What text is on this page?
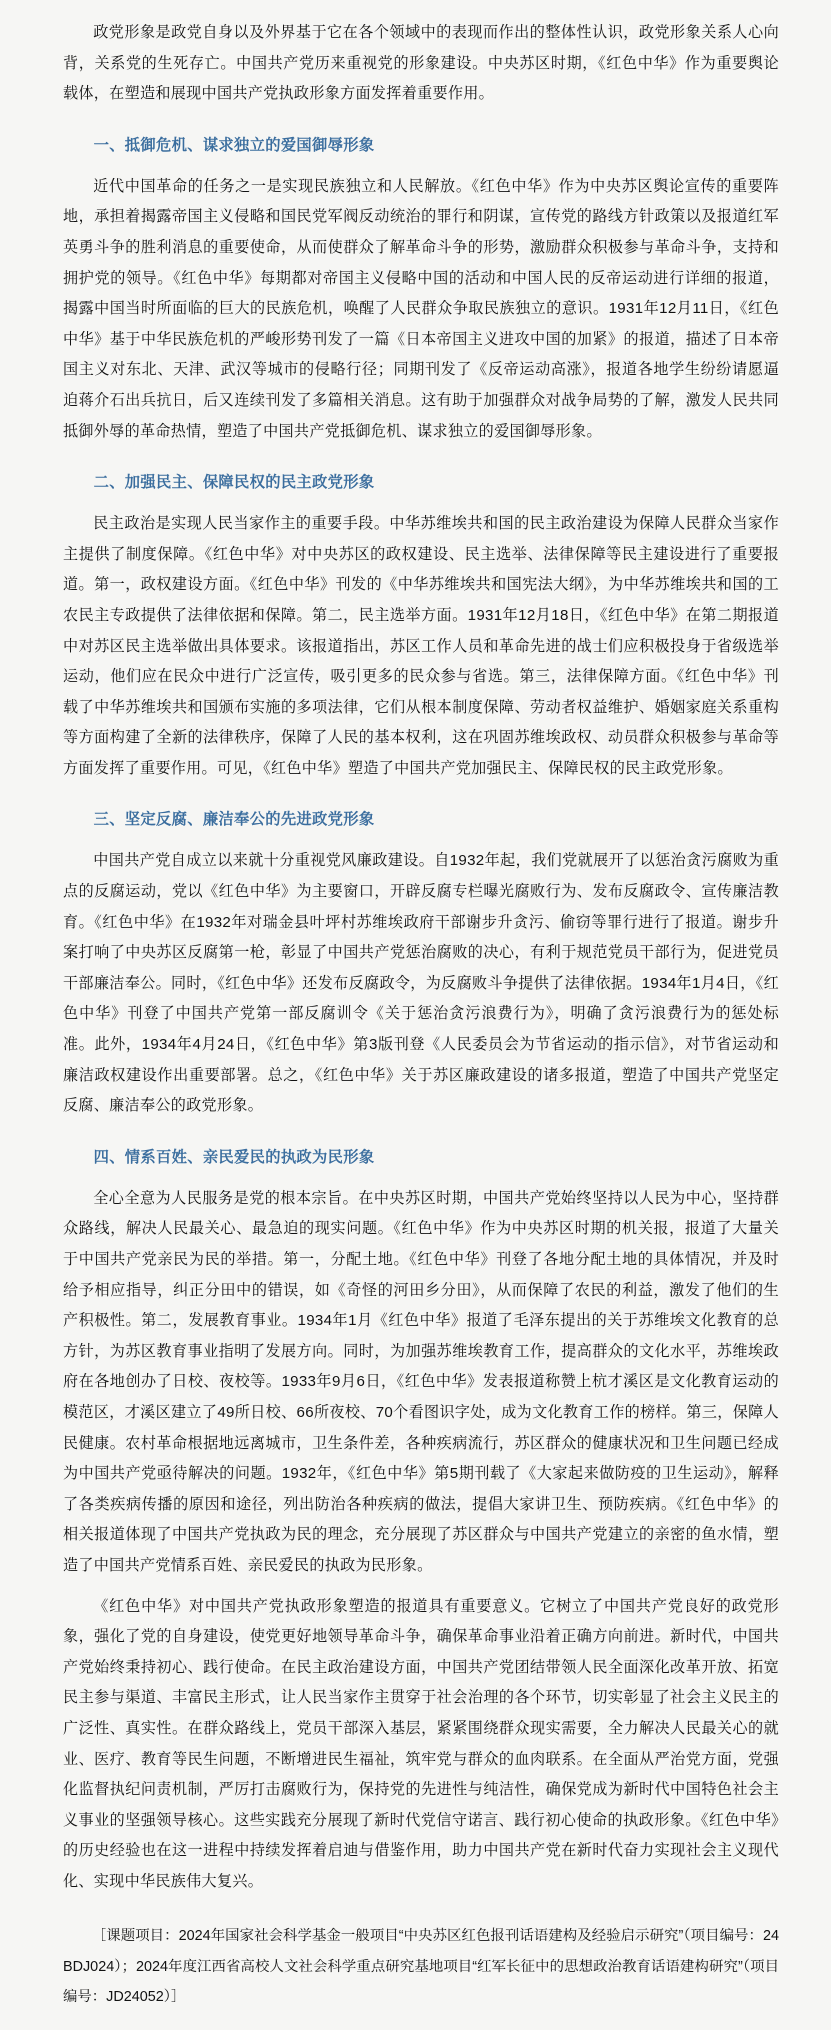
政党形象是政党自身以及外界基于它在各个领域中的表现而作出的整体性认识，政党形象关系人心向背，关系党的生死存亡。中国共产党历来重视党的形象建设。中央苏区时期，《红色中华》作为重要舆论载体，在塑造和展现中国共产党执政形象方面发挥着重要作用。

一、抵御危机、谋求独立的爱国御辱形象

近代中国革命的任务之一是实现民族独立和人民解放。《红色中华》作为中央苏区舆论宣传的重要阵地，承担着揭露帝国主义侵略和国民党军阀反动统治的罪行和阴谋，宣传党的路线方针政策以及报道红军英勇斗争的胜利消息的重要使命，从而使群众了解革命斗争的形势，激励群众积极参与革命斗争，支持和拥护党的领导。《红色中华》每期都对帝国主义侵略中国的活动和中国人民的反帝运动进行详细的报道，揭露中国当时所面临的巨大的民族危机，唤醒了人民群众争取民族独立的意识。1931年12月11日，《红色中华》基于中华民族危机的严峻形势刊发了一篇《日本帝国主义进攻中国的加紧》的报道，描述了日本帝国主义对东北、天津、武汉等城市的侵略行径；同期刊发了《反帝运动高涨》，报道各地学生纷纷请愿逼迫蒋介石出兵抗日，后又连续刊发了多篇相关消息。这有助于加强群众对战争局势的了解，激发人民共同抵御外辱的革命热情，塑造了中国共产党抵御危机、谋求独立的爱国御辱形象。

二、加强民主、保障民权的民主政党形象

民主政治是实现人民当家作主的重要手段。中华苏维埃共和国的民主政治建设为保障人民群众当家作主提供了制度保障。《红色中华》对中央苏区的政权建设、民主选举、法律保障等民主建设进行了重要报道。第一，政权建设方面。《红色中华》刊发的《中华苏维埃共和国宪法大纲》，为中华苏维埃共和国的工农民主专政提供了法律依据和保障。第二，民主选举方面。1931年12月18日，《红色中华》在第二期报道中对苏区民主选举做出具体要求。该报道指出，苏区工作人员和革命先进的战士们应积极投身于省级选举运动，他们应在民众中进行广泛宣传，吸引更多的民众参与省选。第三，法律保障方面。《红色中华》刊载了中华苏维埃共和国颁布实施的多项法律，它们从根本制度保障、劳动者权益维护、婚姻家庭关系重构等方面构建了全新的法律秩序，保障了人民的基本权利，这在巩固苏维埃政权、动员群众积极参与革命等方面发挥了重要作用。可见，《红色中华》塑造了中国共产党加强民主、保障民权的民主政党形象。

三、坚定反腐、廉洁奉公的先进政党形象

中国共产党自成立以来就十分重视党风廉政建设。自1932年起，我们党就展开了以惩治贪污腐败为重点的反腐运动，党以《红色中华》为主要窗口，开辟反腐专栏曝光腐败行为、发布反腐政令、宣传廉洁教育。《红色中华》在1932年对瑞金县叶坪村苏维埃政府干部谢步升贪污、偷窃等罪行进行了报道。谢步升案打响了中央苏区反腐第一枪，彰显了中国共产党惩治腐败的决心，有利于规范党员干部行为，促进党员干部廉洁奉公。同时，《红色中华》还发布反腐政令，为反腐败斗争提供了法律依据。1934年1月4日，《红色中华》刊登了中国共产党第一部反腐训令《关于惩治贪污浪费行为》，明确了贪污浪费行为的惩处标准。此外，1934年4月24日，《红色中华》第3版刊登《人民委员会为节省运动的指示信》，对节省运动和廉洁政权建设作出重要部署。总之，《红色中华》关于苏区廉政建设的诸多报道，塑造了中国共产党坚定反腐、廉洁奉公的政党形象。

四、情系百姓、亲民爱民的执政为民形象

全心全意为人民服务是党的根本宗旨。在中央苏区时期，中国共产党始终坚持以人民为中心，坚持群众路线，解决人民最关心、最急迫的现实问题。《红色中华》作为中央苏区时期的机关报，报道了大量关于中国共产党亲民为民的举措。第一，分配土地。《红色中华》刊登了各地分配土地的具体情况，并及时给予相应指导，纠正分田中的错误，如《奇怪的河田乡分田》，从而保障了农民的利益，激发了他们的生产积极性。第二，发展教育事业。1934年1月《红色中华》报道了毛泽东提出的关于苏维埃文化教育的总方针，为苏区教育事业指明了发展方向。同时，为加强苏维埃教育工作，提高群众的文化水平，苏维埃政府在各地创办了日校、夜校等。1933年9月6日，《红色中华》发表报道称赞上杭才溪区是文化教育运动的模范区，才溪区建立了49所日校、66所夜校、70个看图识字处，成为文化教育工作的榜样。第三，保障人民健康。农村革命根据地远离城市，卫生条件差，各种疾病流行，苏区群众的健康状况和卫生问题已经成为中国共产党亟待解决的问题。1932年，《红色中华》第5期刊载了《大家起来做防疫的卫生运动》，解释了各类疾病传播的原因和途径，列出防治各种疾病的做法，提倡大家讲卫生、预防疾病。《红色中华》的相关报道体现了中国共产党执政为民的理念，充分展现了苏区群众与中国共产党建立的亲密的鱼水情，塑造了中国共产党情系百姓、亲民爱民的执政为民形象。

《红色中华》对中国共产党执政形象塑造的报道具有重要意义。它树立了中国共产党良好的政党形象，强化了党的自身建设，使党更好地领导革命斗争，确保革命事业沿着正确方向前进。新时代，中国共产党始终秉持初心、践行使命。在民主政治建设方面，中国共产党团结带领人民全面深化改革开放、拓宽民主参与渠道、丰富民主形式，让人民当家作主贯穿于社会治理的各个环节，切实彰显了社会主义民主的广泛性、真实性。在群众路线上，党员干部深入基层，紧紧围绕群众现实需要，全力解决人民最关心的就业、医疗、教育等民生问题，不断增进民生福祉，筑牢党与群众的血肉联系。在全面从严治党方面，党强化监督执纪问责机制，严厉打击腐败行为，保持党的先进性与纯洁性，确保党成为新时代中国特色社会主义事业的坚强领导核心。这些实践充分展现了新时代党信守诺言、践行初心使命的执政形象。《红色中华》的历史经验也在这一进程中持续发挥着启迪与借鉴作用，助力中国共产党在新时代奋力实现社会主义现代化、实现中华民族伟大复兴。

［课题项目：2024年国家社会科学基金一般项目“中央苏区红色报刊话语建构及经验启示研究”（项目编号：24BDJ024）；2024年度江西省高校人文社会科学重点研究基地项目“红军长征中的思想政治教育话语建构研究”（项目编号：JD24052）］
